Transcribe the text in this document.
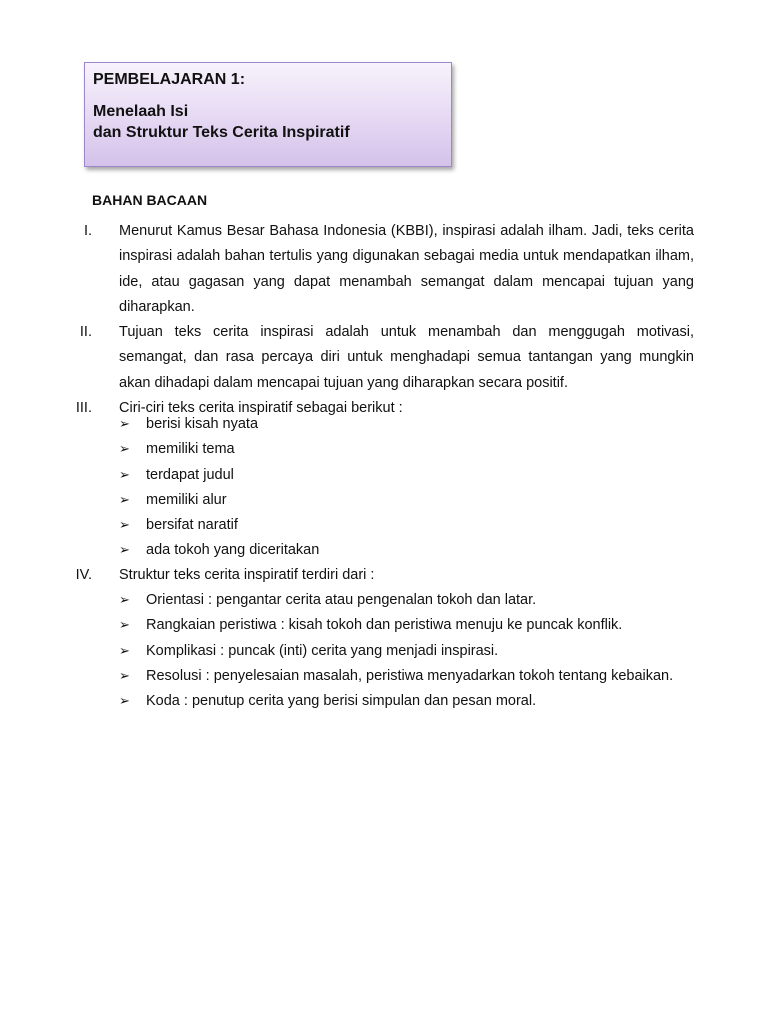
PEMBELAJARAN 1:
Menelaah Isi
dan Struktur Teks Cerita Inspiratif
BAHAN BACAAN
I. Menurut Kamus Besar Bahasa Indonesia (KBBI), inspirasi adalah ilham. Jadi, teks cerita inspirasi adalah bahan tertulis yang digunakan sebagai media untuk mendapatkan ilham, ide, atau gagasan yang dapat menambah semangat dalam mencapai tujuan yang diharapkan.
II. Tujuan teks cerita inspirasi adalah untuk menambah dan menggugah motivasi, semangat, dan rasa percaya diri untuk menghadapi semua tantangan yang mungkin akan dihadapi dalam mencapai tujuan yang diharapkan secara positif.
III. Ciri-ciri teks cerita inspiratif sebagai berikut :
➢ berisi kisah nyata
➢ memiliki tema
➢ terdapat judul
➢ memiliki alur
➢ bersifat naratif
➢ ada tokoh yang diceritakan
IV. Struktur teks cerita inspiratif terdiri dari :
➢ Orientasi : pengantar cerita atau pengenalan tokoh dan latar.
➢ Rangkaian peristiwa : kisah tokoh dan peristiwa menuju ke puncak konflik.
➢ Komplikasi : puncak (inti) cerita yang menjadi inspirasi.
➢ Resolusi : penyelesaian masalah, peristiwa menyadarkan tokoh tentang kebaikan.
➢ Koda : penutup cerita yang berisi simpulan dan pesan moral.
